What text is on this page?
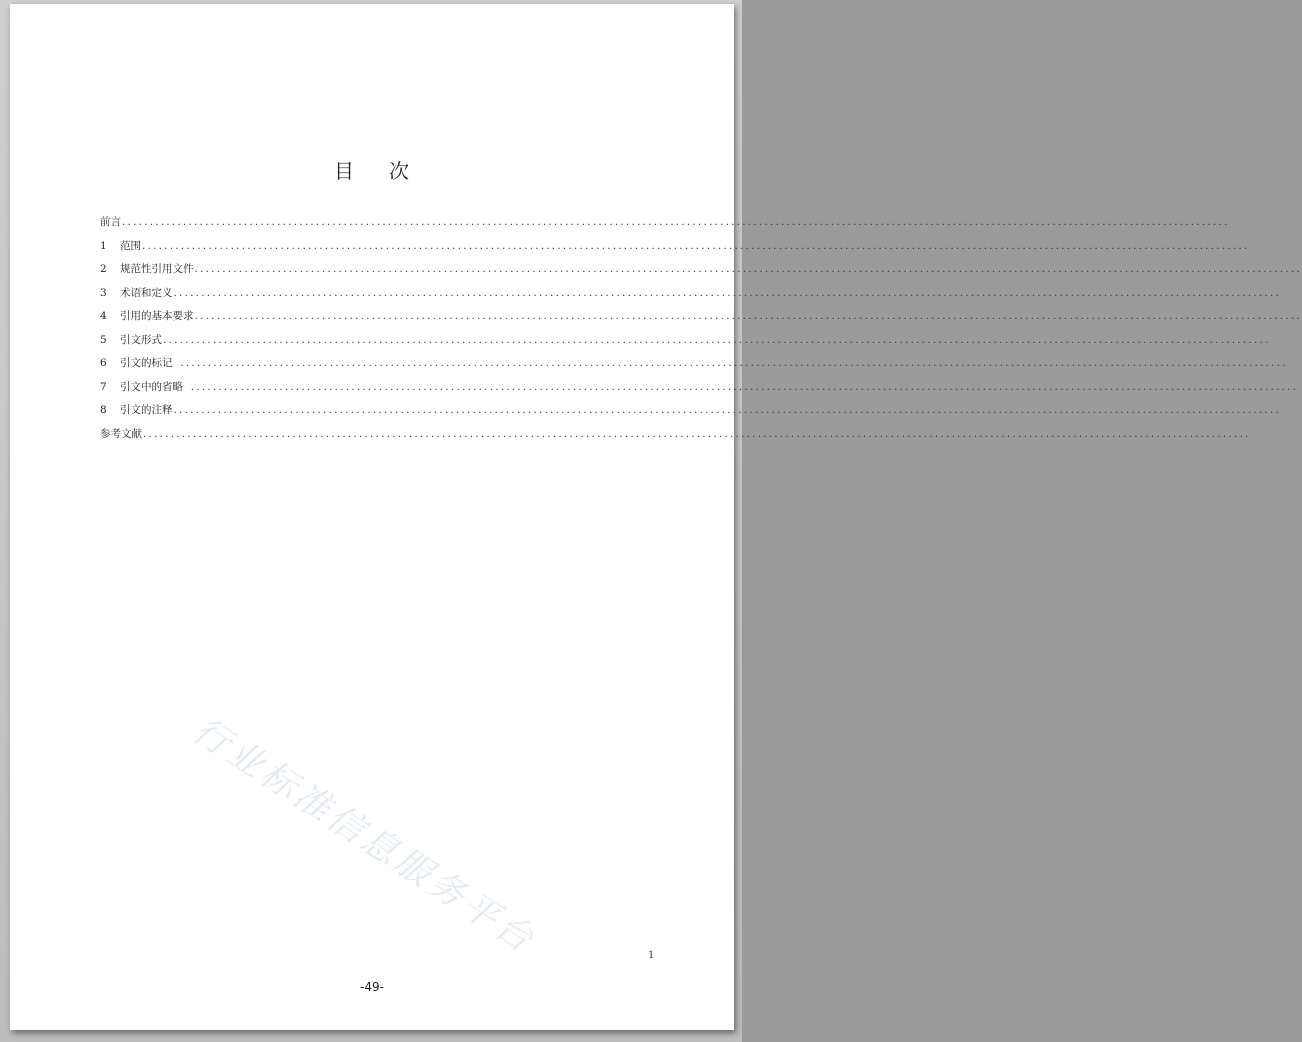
目 次
前言 ........................................................................................................................................................................................................
1	范围 ........................................................................................................................................................................................................
2	规范性引用文件 ........................................................................................................................................................................................................
3	术语和定义 ........................................................................................................................................................................................................
4	引用的基本要求 ........................................................................................................................................................................................................
5	引文形式 ........................................................................................................................................................................................................
6	引文的标记 ........................................................................................................................................................................................................
7	引文中的省略 ........................................................................................................................................................................................................
8	引文的注释 ........................................................................................................................................................................................................
参考文献 ........................................................................................................................................................................................................
行业标准信息服务平台	1
-49-
